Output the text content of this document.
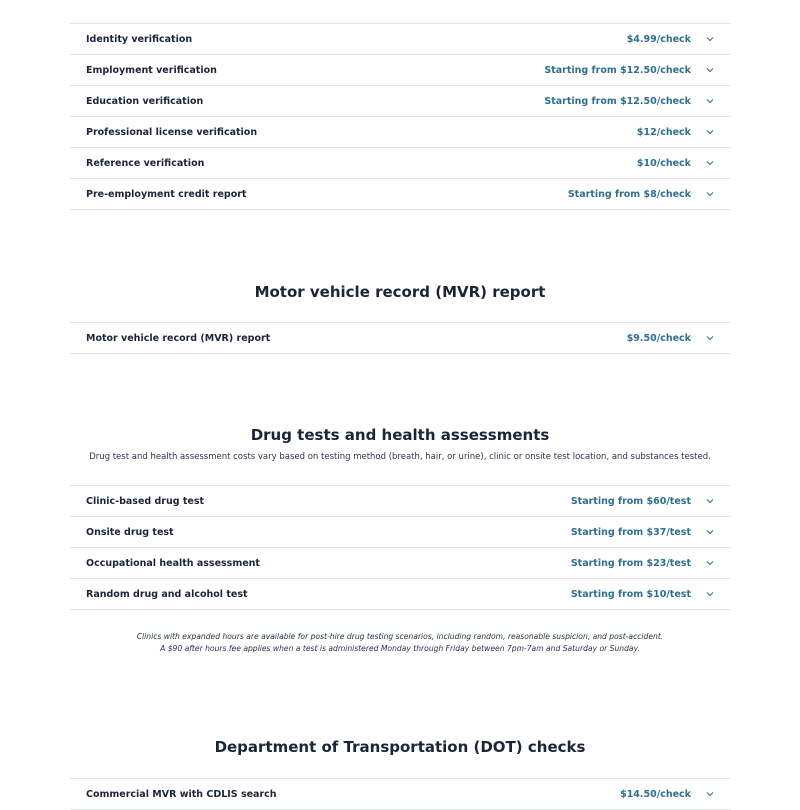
Identity verification	$4.99/check
Employment verification	Starting from $12.50/check
Education verification	Starting from $12.50/check
Professional license verification	$12/check
Reference verification	$10/check
Pre-employment credit report	Starting from $8/check
Motor vehicle record (MVR) report
Motor vehicle record (MVR) report	$9.50/check
Drug tests and health assessments

Drug test and health assessment costs vary based on testing method (breath, hair, or urine), clinic or onsite test location, and substances tested.

Clinic-based drug test	Starting from $60/test
Onsite drug test	Starting from $37/test
Occupational health assessment	Starting from $23/test
Random drug and alcohol test	Starting from $10/test

Clinics with expanded hours are available for post-hire drug testing scenarios, including random, reasonable suspicion, and post-accident.

A $90 after hours fee applies when a test is administered Monday through Friday between 7pm-7am and Saturday or Sunday.

Department of Transportation (DOT) checks
Commercial MVR with CDLIS search	$14.50/check
